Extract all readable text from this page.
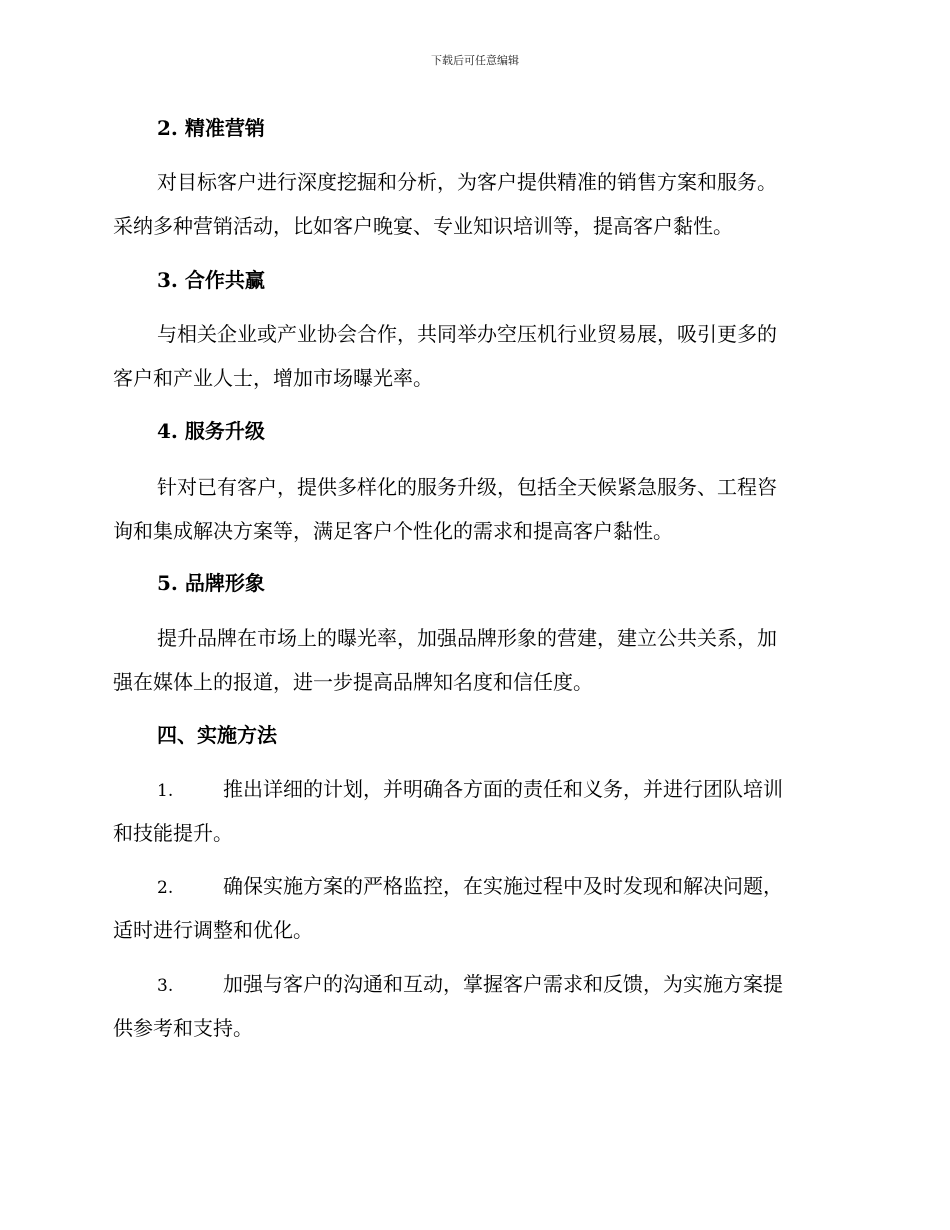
下载后可任意编辑
2. 精准营销
对目标客户进行深度挖掘和分析，为客户提供精准的销售方案和服务。
采纳多种营销活动，比如客户晚宴、专业知识培训等，提高客户黏性。
3. 合作共赢
与相关企业或产业协会合作，共同举办空压机行业贸易展，吸引更多的
客户和产业人士，增加市场曝光率。
4. 服务升级
针对已有客户，提供多样化的服务升级，包括全天候紧急服务、工程咨
询和集成解决方案等，满足客户个性化的需求和提高客户黏性。
5. 品牌形象
提升品牌在市场上的曝光率，加强品牌形象的营建，建立公共关系，加
强在媒体上的报道，进一步提高品牌知名度和信任度。
四、实施方法
1. 推出详细的计划，并明确各方面的责任和义务，并进行团队培训
和技能提升。
2. 确保实施方案的严格监控，在实施过程中及时发现和解决问题，
适时进行调整和优化。
3. 加强与客户的沟通和互动，掌握客户需求和反馈，为实施方案提
供参考和支持。
